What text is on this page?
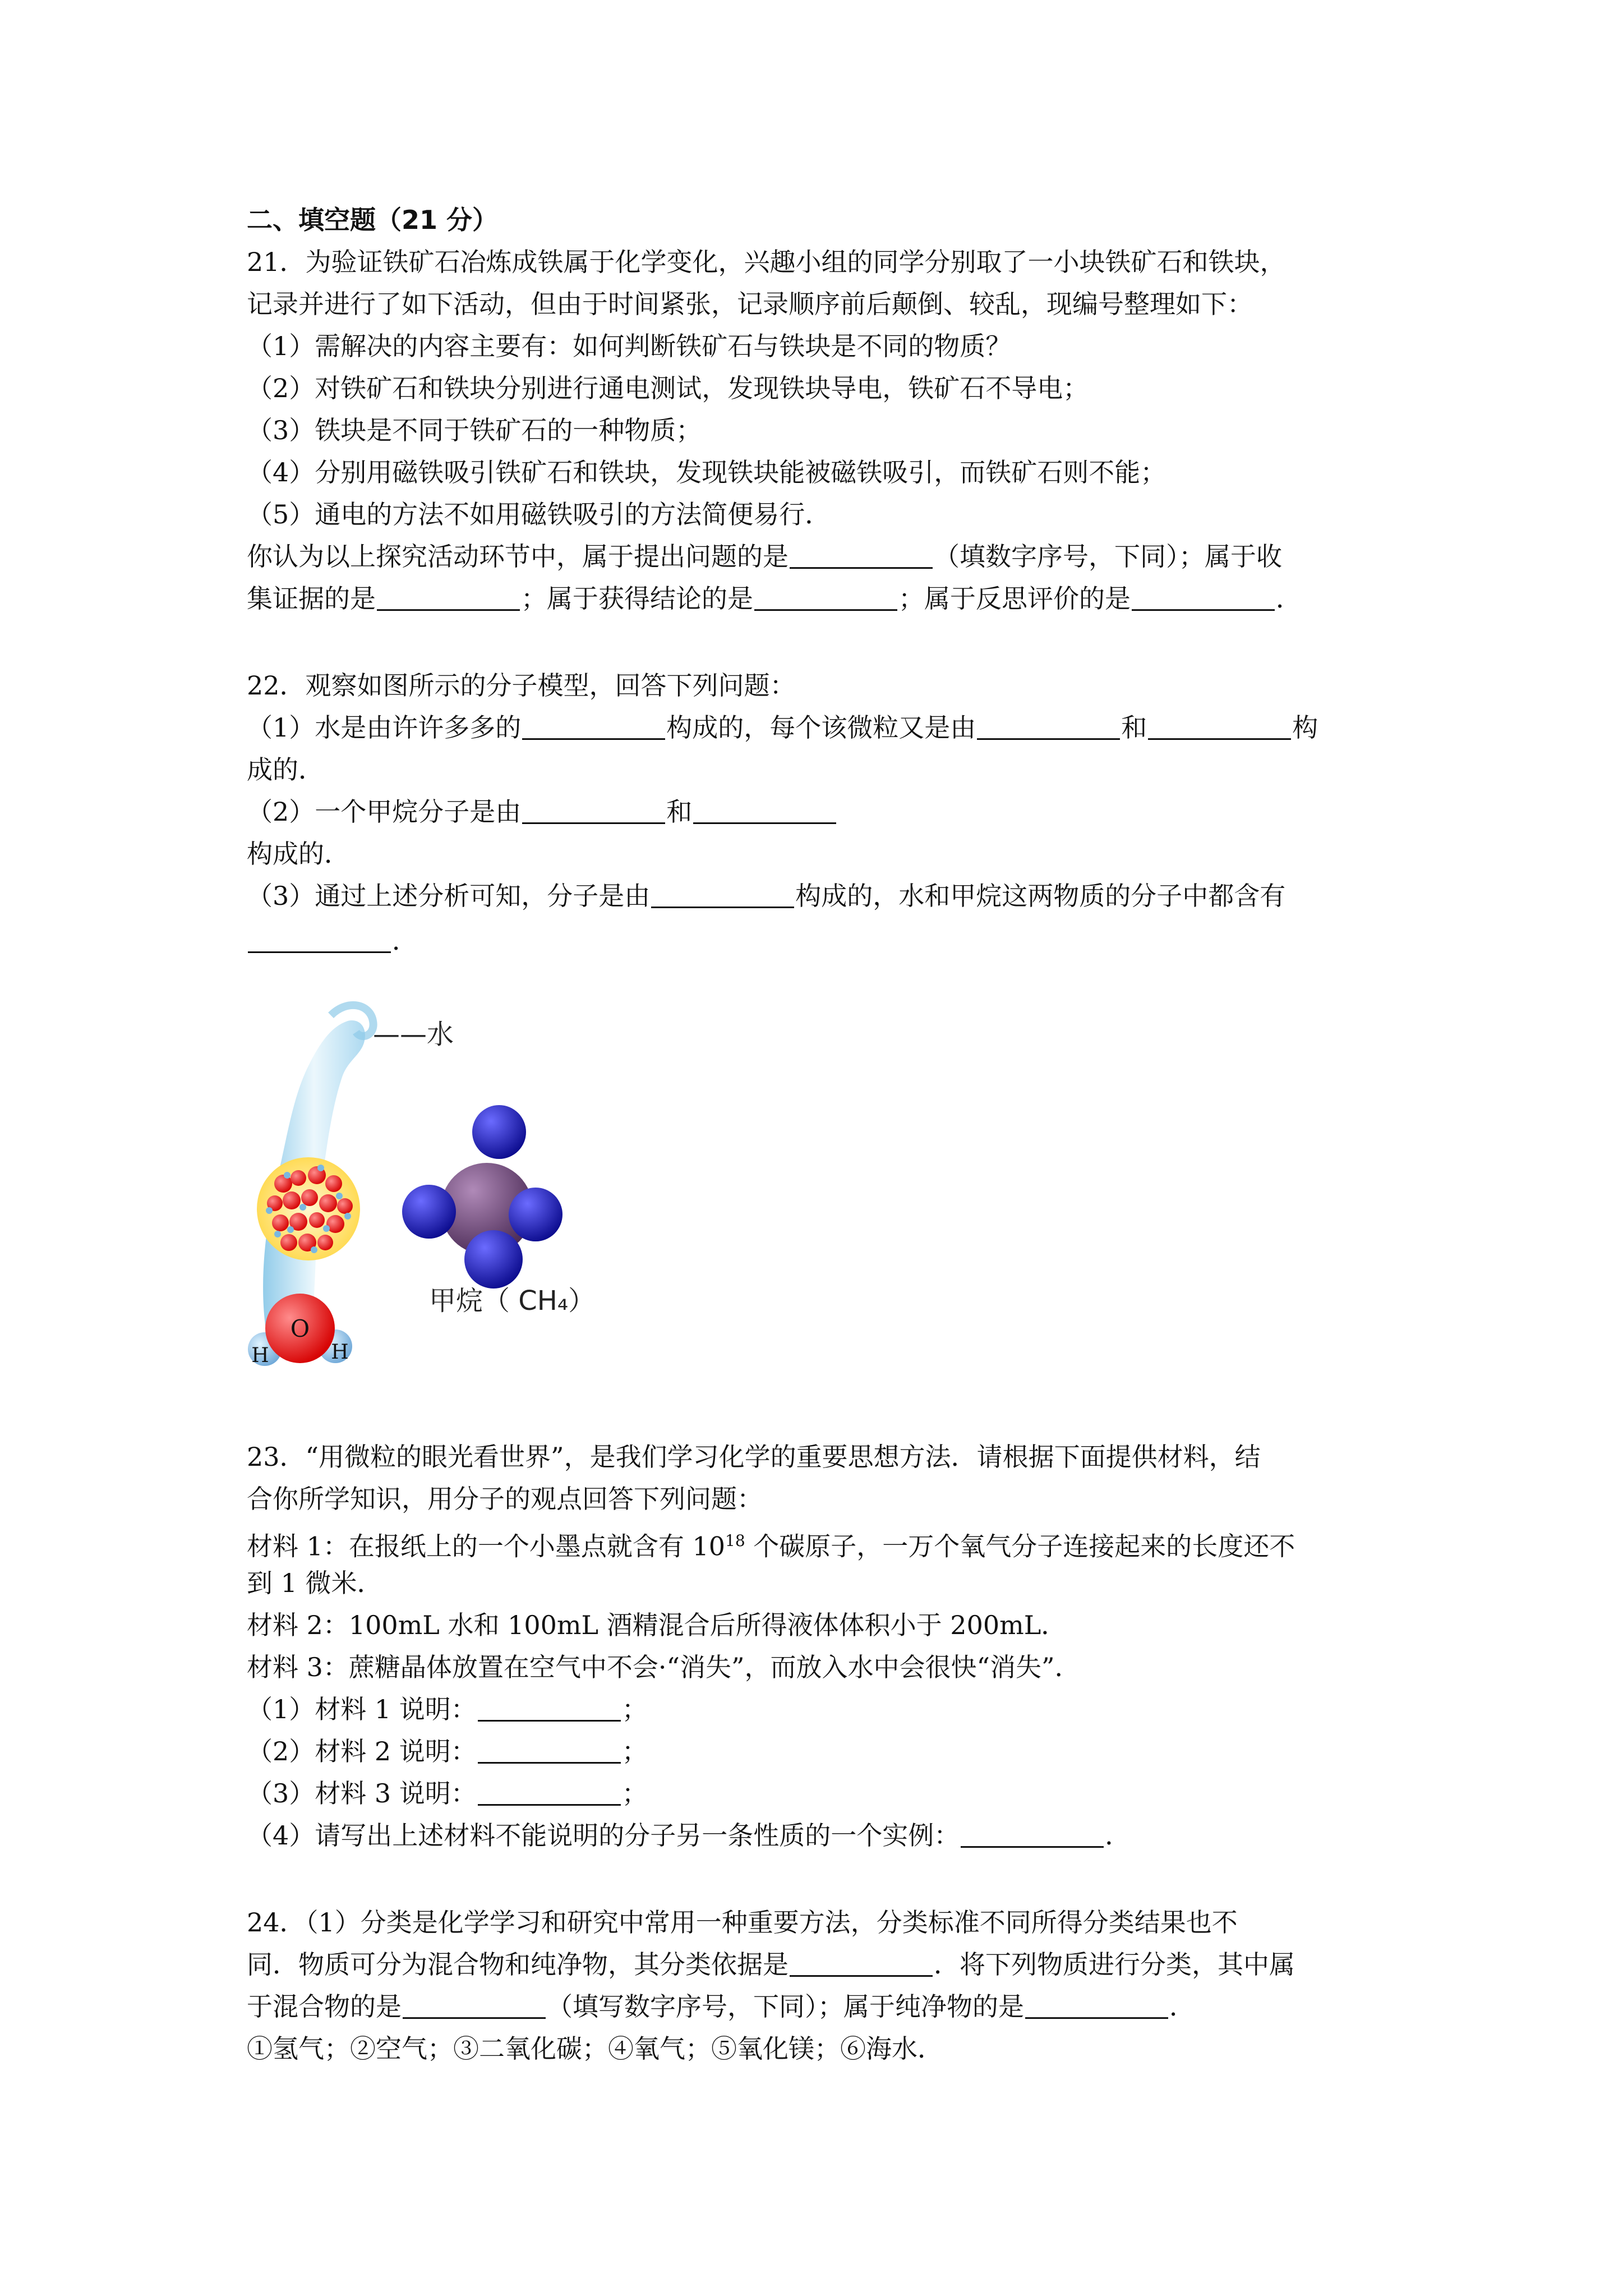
二、填空题（21 分）
21．为验证铁矿石冶炼成铁属于化学变化，兴趣小组的同学分别取了一小块铁矿石和铁块，
记录并进行了如下活动，但由于时间紧张，记录顺序前后颠倒、较乱，现编号整理如下：
（1）需解决的内容主要有：如何判断铁矿石与铁块是不同的物质？
（2）对铁矿石和铁块分别进行通电测试，发现铁块导电，铁矿石不导电；
（3）铁块是不同于铁矿石的一种物质；
（4）分别用磁铁吸引铁矿石和铁块，发现铁块能被磁铁吸引，而铁矿石则不能；
（5）通电的方法不如用磁铁吸引的方法简便易行．
你认为以上探究活动环节中，属于提出问题的是	（填数字序号，下同）；属于收
集证据的是	；属于获得结论的是	；属于反思评价的是	．
22．观察如图所示的分子模型，回答下列问题：
（1）水是由许许多多的	构成的，每个该微粒又是由	和	构
成的．
（2）一个甲烷分子是由	和
构成的．
（3）通过上述分析可知，分子是由	构成的，水和甲烷这两物质的分子中都含有
．
O
H	H
——水
甲烷（ CH₄）
23．“用微粒的眼光看世界”，是我们学习化学的重要思想方法．请根据下面提供材料，结
合你所学知识，用分子的观点回答下列问题：
材料 1：在报纸上的一个小墨点就含有 $10^{18}$ 个碳原子，一万个氧气分子连接起来的长度还不
到 1 微米．
材料 2：100mL 水和 100mL 酒精混合后所得液体体积小于 200mL．
材料 3：蔗糖晶体放置在空气中不会·“消失”，而放入水中会很快“消失”．
（1）材料 1 说明：	；
（2）材料 2 说明：	；
（3）材料 3 说明：	；
（4）请写出上述材料不能说明的分子另一条性质的一个实例：	．
24．（1）分类是化学学习和研究中常用一种重要方法，分类标准不同所得分类结果也不
同．物质可分为混合物和纯净物，其分类依据是	．将下列物质进行分类，其中属
于混合物的是	（填写数字序号，下同）；属于纯净物的是	．
①氢气；②空气；③二氧化碳；④氧气；⑤氧化镁；⑥海水．
